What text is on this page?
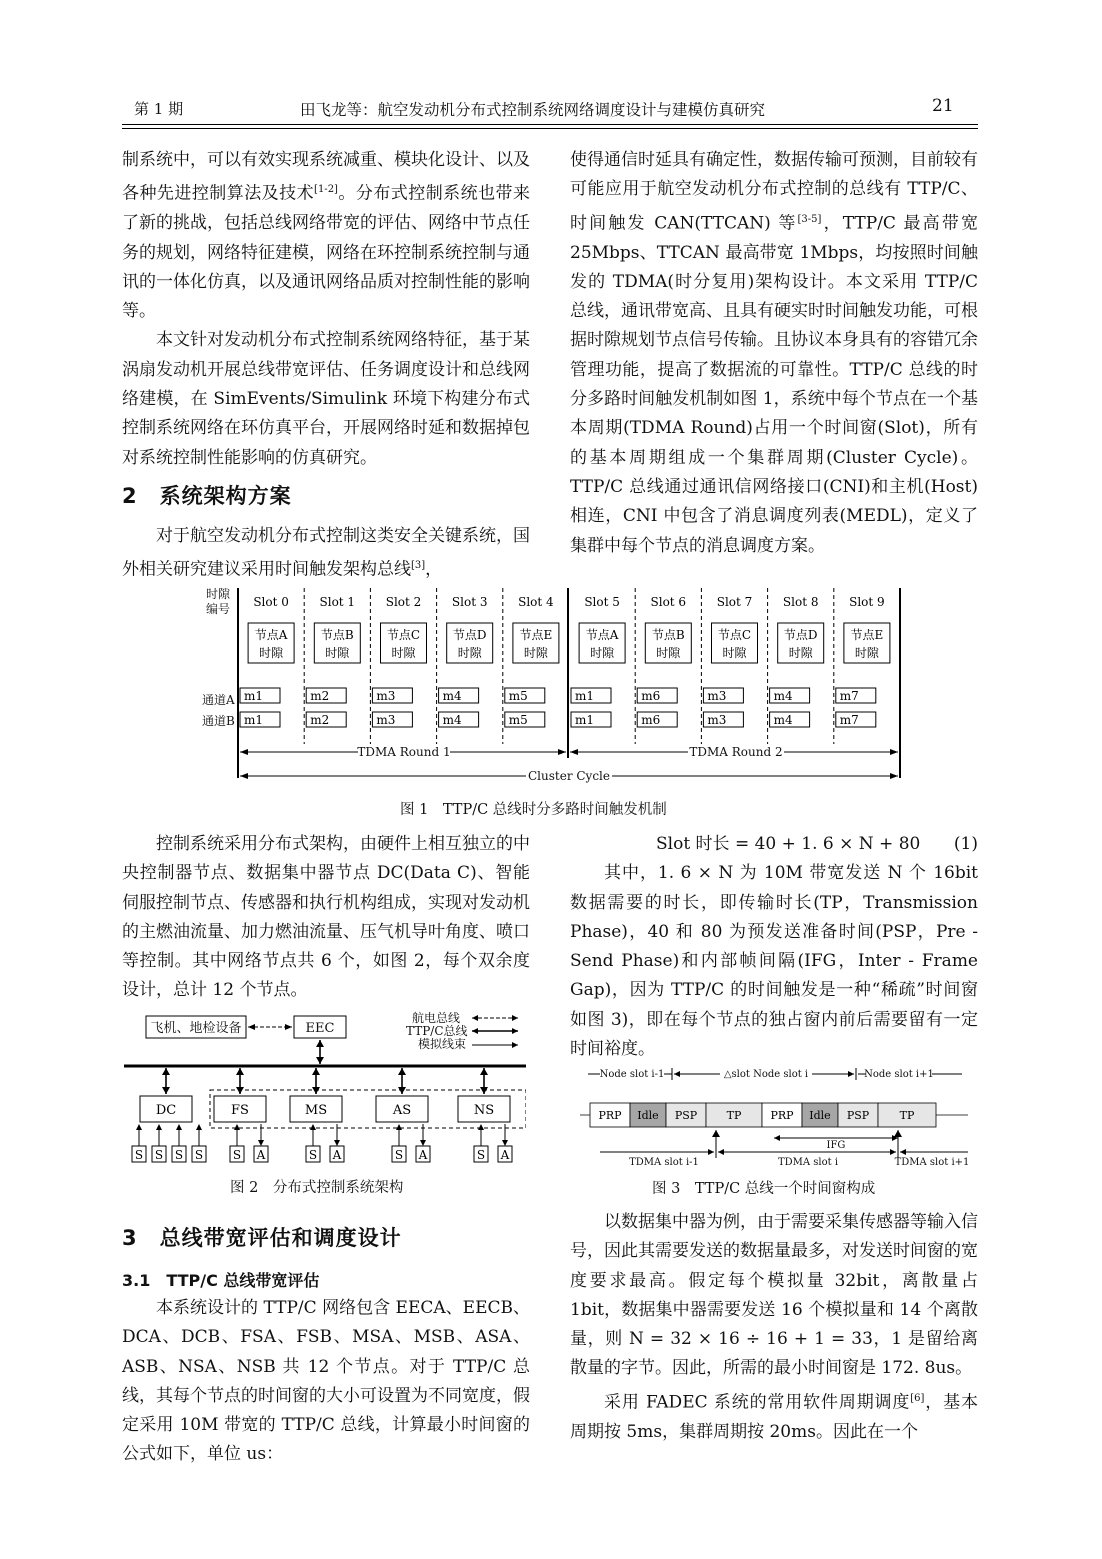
第 1 期	田飞龙等：航空发动机分布式控制系统网络调度设计与建模仿真研究	21

制系统中，可以有效实现系统减重、模块化设计、以及各种先进控制算法及技术[1-2]。分布式控制系统也带来了新的挑战，包括总线网络带宽的评估、网络中节点任务的规划，网络特征建模，网络在环控制系统控制与通讯的一体化仿真，以及通讯网络品质对控制性能的影响等。

本文针对发动机分布式控制系统网络特征，基于某涡扇发动机开展总线带宽评估、任务调度设计和总线网络建模，在 SimEvents/Simulink 环境下构建分布式控制系统网络在环仿真平台，开展网络时延和数据掉包对系统控制性能影响的仿真研究。

2　系统架构方案

对于航空发动机分布式控制这类安全关键系统，国外相关研究建议采用时间触发架构总线[3]，

使得通信时延具有确定性，数据传输可预测，目前较有可能应用于航空发动机分布式控制的总线有 TTP/C、时间触发 CAN(TTCAN) 等[3-5]，TTP/C 最高带宽 25Mbps、TTCAN 最高带宽 1Mbps，均按照时间触发的 TDMA(时分复用)架构设计。本文采用 TTP/C 总线，通讯带宽高、且具有硬实时时间触发功能，可根据时隙规划节点信号传输。且协议本身具有的容错冗余管理功能，提高了数据流的可靠性。TTP/C 总线的时分多路时间触发机制如图 1，系统中每个节点在一个基本周期(TDMA Round)占用一个时间窗(Slot)，所有的基本周期组成一个集群周期(Cluster Cycle)。TTP/C 总线通过通讯信网络接口(CNI)和主机(Host)相连，CNI 中包含了消息调度列表(MEDL)，定义了集群中每个节点的消息调度方案。

时隙
编号
通道A
通道B
Slot 0
节点A
时隙
m1
m1
Slot 1
节点B
时隙
m2
m2
Slot 2
节点C
时隙
m3
m3
Slot 3
节点D
时隙
m4
m4
Slot 4
节点E
时隙
m5
m5
Slot 5
节点A
时隙
m1
m1
Slot 6
节点B
时隙
m6
m6
Slot 7
节点C
时隙
m3
m3
Slot 8
节点D
时隙
m4
m4
Slot 9
节点E
时隙
m7
m7
TDMA Round 1	TDMA Round 2
Cluster Cycle
图 1　TTP/C 总线时分多路时间触发机制

控制系统采用分布式架构，由硬件上相互独立的中央控制器节点、数据集中器节点 DC(Data C)、智能伺服控制节点、传感器和执行机构组成，实现对发动机的主燃油流量、加力燃油流量、压气机导叶角度、喷口等控制。其中网络节点共 6 个，如图 2，每个双余度设计，总计 12 个节点。

飞机、地检设备	EEC
航电总线
TTP/C总线
模拟线束
DC
S S S S
FS
S A
MS
S A
AS
S A
NS
S A
图 2　分布式控制系统架构
3　总线带宽评估和调度设计
3.1　TTP/C 总线带宽评估

本系统设计的 TTP/C 网络包含 EECA、EECB、DCA、DCB、FSA、FSB、MSA、MSB、ASA、ASB、NSA、NSB 共 12 个节点。对于 TTP/C 总线，其每个节点的时间窗的大小可设置为不同宽度，假定采用 10M 带宽的 TTP/C 总线，计算最小时间窗的公式如下，单位 us：

Slot 时长 = 40 + 1. 6 × N + 80 (1)

其中，1. 6 × N 为 10M 带宽发送 N 个 16bit 数据需要的时长，即传输时长(TP，Transmission Phase)，40 和 80 为预发送准备时间(PSP，Pre - Send Phase)和内部帧间隔(IFG，Inter - Frame Gap)，因为 TTP/C 的时间触发是一种“稀疏”时间窗如图 3)，即在每个节点的独占窗内前后需要留有一定时间裕度。

Node slot i-1	△slot Node slot i	Node slot i+1
PRP Idle PSP	TP	PRP Idle PSP	TP
IFG
TDMA slot i-1	TDMA slot i	TDMA slot i+1
图 3　TTP/C 总线一个时间窗构成

以数据集中器为例，由于需要采集传感器等输入信号，因此其需要发送的数据量最多，对发送时间窗的宽度要求最高。假定每个模拟量 32bit，离散量占 1bit，数据集中器需要发送 16 个模拟量和 14 个离散量，则 N = 32 × 16 ÷ 16 + 1 = 33，1 是留给离散量的字节。因此，所需的最小时间窗是 172. 8us。

采用 FADEC 系统的常用软件周期调度[6]，基本周期按 5ms，集群周期按 20ms。因此在一个
